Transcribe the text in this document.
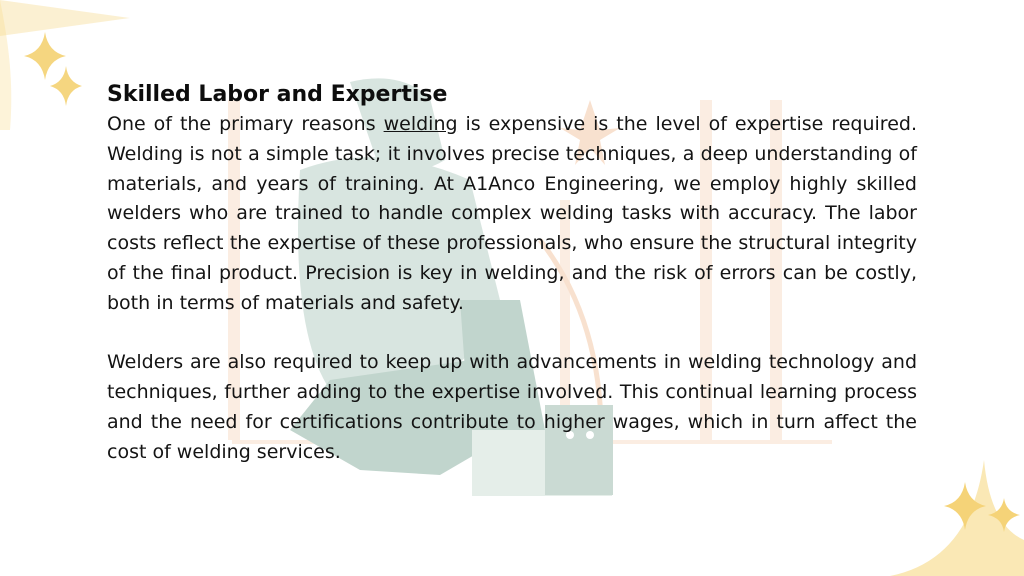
Skilled Labor and Expertise

One of the primary reasons welding is expensive is the level of expertise required. Welding is not a simple task; it involves precise techniques, a deep understanding of materials, and years of training. At A1Anco Engineering, we employ highly skilled welders who are trained to handle complex welding tasks with accuracy. The labor costs reflect the expertise of these professionals, who ensure the structural integrity of the final product. Precision is key in welding, and the risk of errors can be costly, both in terms of materials and safety.

Welders are also required to keep up with advancements in welding technology and techniques, further adding to the expertise involved. This continual learning process and the need for certifications contribute to higher wages, which in turn affect the cost of welding services.
